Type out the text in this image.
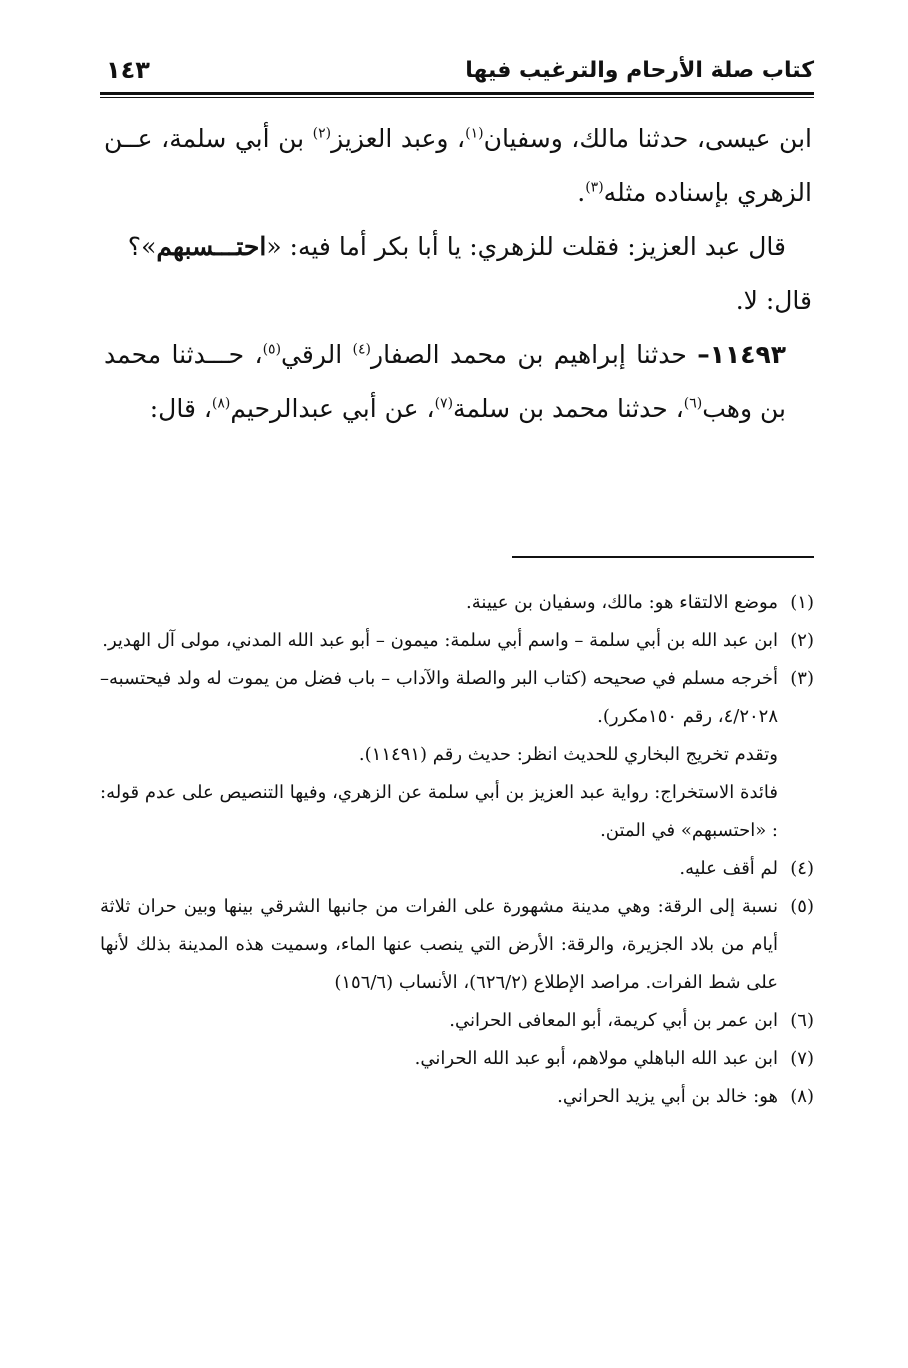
كتاب صلة الأرحام والترغيب فيها
١٤٣

ابن عيسى، حدثنا مالك، وسفيان$^{(١)}$، وعبد العزيز$^{(٢)}$ بن أبي سلمة، عــن الزهري بإسناده مثله$^{(٣)}$.

قال عبد العزيز: فقلت للزهري: يا أبا بكر أما فيه: «احتـــسبهم»؟

قال: لا.

١١٤٩٣– حدثنا إبراهيم بن محمد الصفار$^{(٤)}$ الرقي$^{(٥)}$، حـــدثنا محمد بن وهب$^{(٦)}$، حدثنا محمد بن سلمة$^{(٧)}$، عن أبي عبدالرحيم$^{(٨)}$، قال:

(١)
موضع الالتقاء هو: مالك، وسفيان بن عيينة.

(٢)
ابن عبد الله بن أبي سلمة – واسم أبي سلمة: ميمون – أبو عبد الله المدني، مولى آل الهدير.

(٣)
أخرجه مسلم في صحيحه (كتاب البر والصلة والآداب – باب فضل من يموت له ولد فيحتسبه– ٤/٢٠٢٨، رقم ١٥٠مكرر).

وتقدم تخريج البخاري للحديث انظر: حديث رقم (١١٤٩١).

فائدة الاستخراج: رواية عبد العزيز بن أبي سلمة عن الزهري، وفيها التنصيص على عدم قوله: : «احتسبهم» في المتن.

(٤)
لم أقف عليه.

(٥)
نسبة إلى الرقة: وهي مدينة مشهورة على الفرات من جانبها الشرقي بينها وبين حران ثلاثة أيام من بلاد الجزيرة، والرقة: الأرض التي ينصب عنها الماء، وسميت هذه المدينة بذلك لأنها على شط الفرات. مراصد الإطلاع (٦٢٦/٢)، الأنساب (١٥٦/٦)

(٦)
ابن عمر بن أبي كريمة، أبو المعافى الحراني.

(٧)
ابن عبد الله الباهلي مولاهم، أبو عبد الله الحراني.

(٨)
هو: خالد بن أبي يزيد الحراني.
